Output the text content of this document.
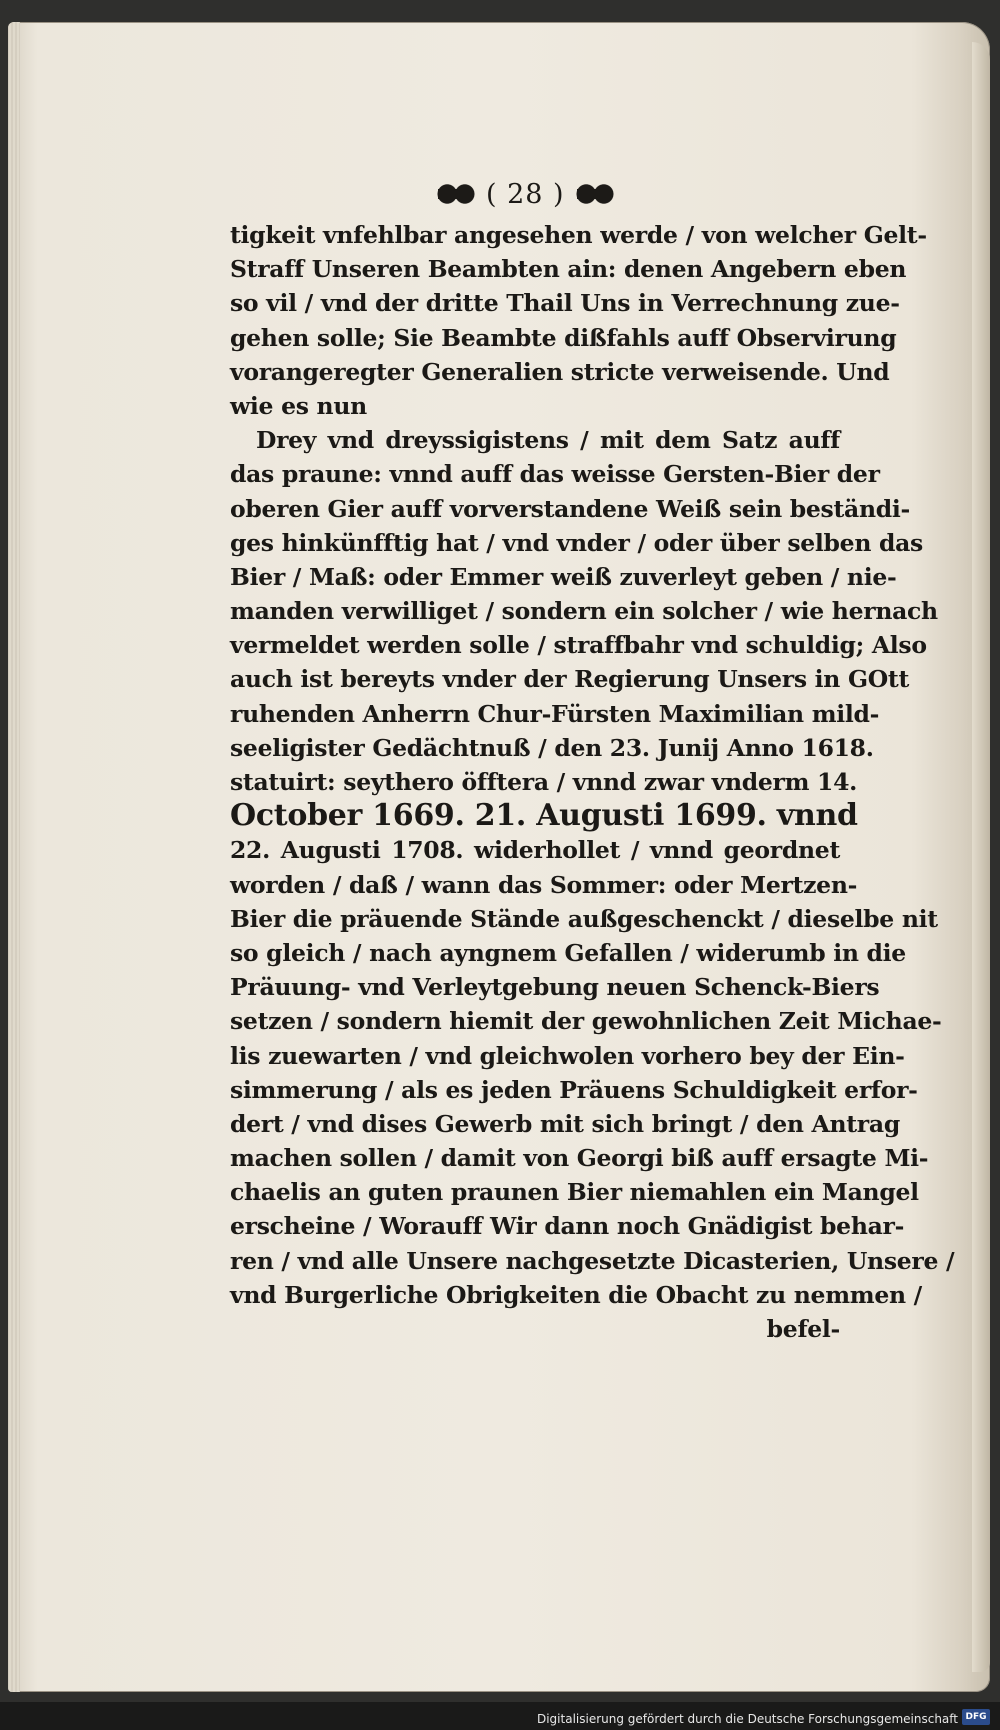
( 28 )
tigkeit vnfehlbar angesehen werde / von welcher Gelt-
Straff Unseren Beambten ain: denen Angebern eben
so vil / vnd der dritte Thail Uns in Verrechnung zue-
gehen solle; Sie Beambte dißfahls auff Observirung
vorangeregter Generalien stricte verweisende. Und
wie es nun
Drey vnd dreyssigistens / mit dem Satz auff
das praune: vnnd auff das weisse Gersten-Bier der
oberen Gier auff vorverstandene Weiß sein beständi-
ges hinkünfftig hat / vnd vnder / oder über selben das
Bier / Maß: oder Emmer weiß zuverleyt geben / nie-
manden verwilliget / sondern ein solcher / wie hernach
vermeldet werden solle / straffbahr vnd schuldig; Also
auch ist bereyts vnder der Regierung Unsers in GOtt
ruhenden Anherrn Chur-Fürsten Maximilian mild-
seeligister Gedächtnuß / den 23. Junij Anno 1618.
statuirt: seythero öfftera / vnnd zwar vnderm 14.
October 1669. 21. Augusti 1699. vnnd
22. Augusti 1708. widerhollet / vnnd geordnet
worden / daß / wann das Sommer: oder Mertzen-
Bier die präuende Stände außgeschenckt / dieselbe nit
so gleich / nach ayngnem Gefallen / widerumb in die
Präuung- vnd Verleytgebung neuen Schenck-Biers
setzen / sondern hiemit der gewohnlichen Zeit Michae-
lis zuewarten / vnd gleichwolen vorhero bey der Ein-
simmerung / als es jeden Präuens Schuldigkeit erfor-
dert / vnd dises Gewerb mit sich bringt / den Antrag
machen sollen / damit von Georgi biß auff ersagte Mi-
chaelis an guten praunen Bier niemahlen ein Mangel
erscheine / Worauff Wir dann noch Gnädigist behar-
ren / vnd alle Unsere nachgesetzte Dicasterien, Unsere /
vnd Burgerliche Obrigkeiten die Obacht zu nemmen /
befel-
Digitalisierung gefördert durch die Deutsche Forschungsgemeinschaft DFG
